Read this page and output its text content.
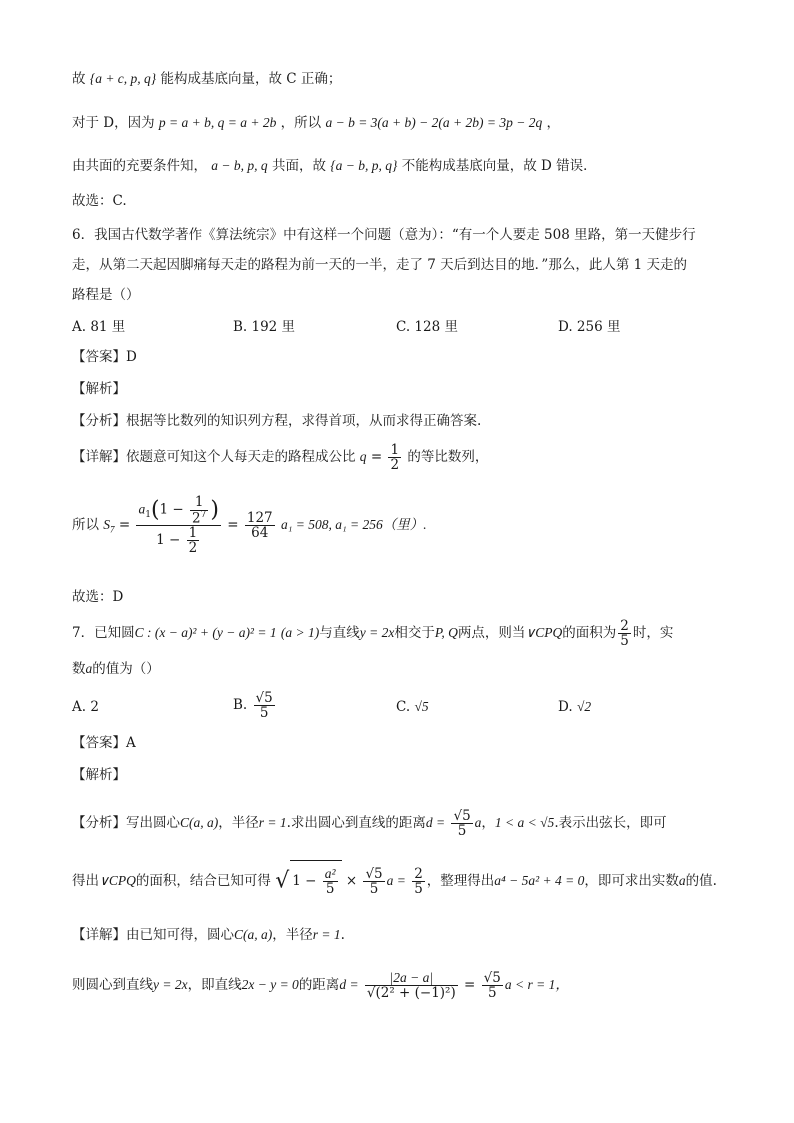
故 {a + c, p, q} 能构成基底向量，故 C 正确；
对于 D，因为 p = a + b, q = a + 2b ，所以 a − b = 3(a + b) − 2(a + 2b) = 3p − 2q ，
由共面的充要条件知， a − b, p, q 共面，故 {a − b, p, q} 不能构成基底向量，故 D 错误．
故选：C.
6．我国古代数学著作《算法统宗》中有这样一个问题（意为）：“有一个人要走 508 里路，第一天健步行
走，从第二天起因脚痛每天走的路程为前一天的一半，走了 7 天后到达目的地．”那么，此人第 1 天走的
路程是（）
A. 81 里	B. 192 里	C. 128 里	D. 256 里
【答案】D
【解析】
【分析】根据等比数列的知识列方程，求得首项，从而求得正确答案.
【详解】依题意可知这个人每天走的路程成公比 $q = \frac{1}{2}$ 的等比数列，
所以 $S_7 = \frac{a_1(1 - \frac{1}{2^7} )}{1 - \frac{1}{2}} = \frac{127}{64} a_1 = 508$, a₁ = 256（里）.
故选：D
7．已知圆C : (x − a)² + (y − a)² = 1 (a > 1)与直线y = 2x相交于P, Q两点，则当∨CPQ的面积为 $\frac{2}{5}$ 时，实
数a的值为（）
A. 2	B. $\frac{√5}{5}$	C. √5	D. √2
【答案】A
【解析】
【分析】写出圆心C(a, a)，半径r = 1.求出圆心到直线的距离$d = \frac{√5}{5}$ a，1 < a < √5.表示出弦长，即可
得出∨CPQ的面积，结合已知可得 √ $1 - \frac{\text{a²}}{5} \times \frac{√5}{5}$ $a = \frac{2}{5}$ ，整理得出a⁴ − 5a² + 4 = 0，即可求出实数a的值.
【详解】由已知可得，圆心C(a, a)，半径r = 1.
则圆心到直线y = 2x，即直线2x − y = 0的距离$d = \frac{|2a - a|}{\text{√(2² + (−1)²)}} = \frac{√5}{5}$ a < r = 1，
